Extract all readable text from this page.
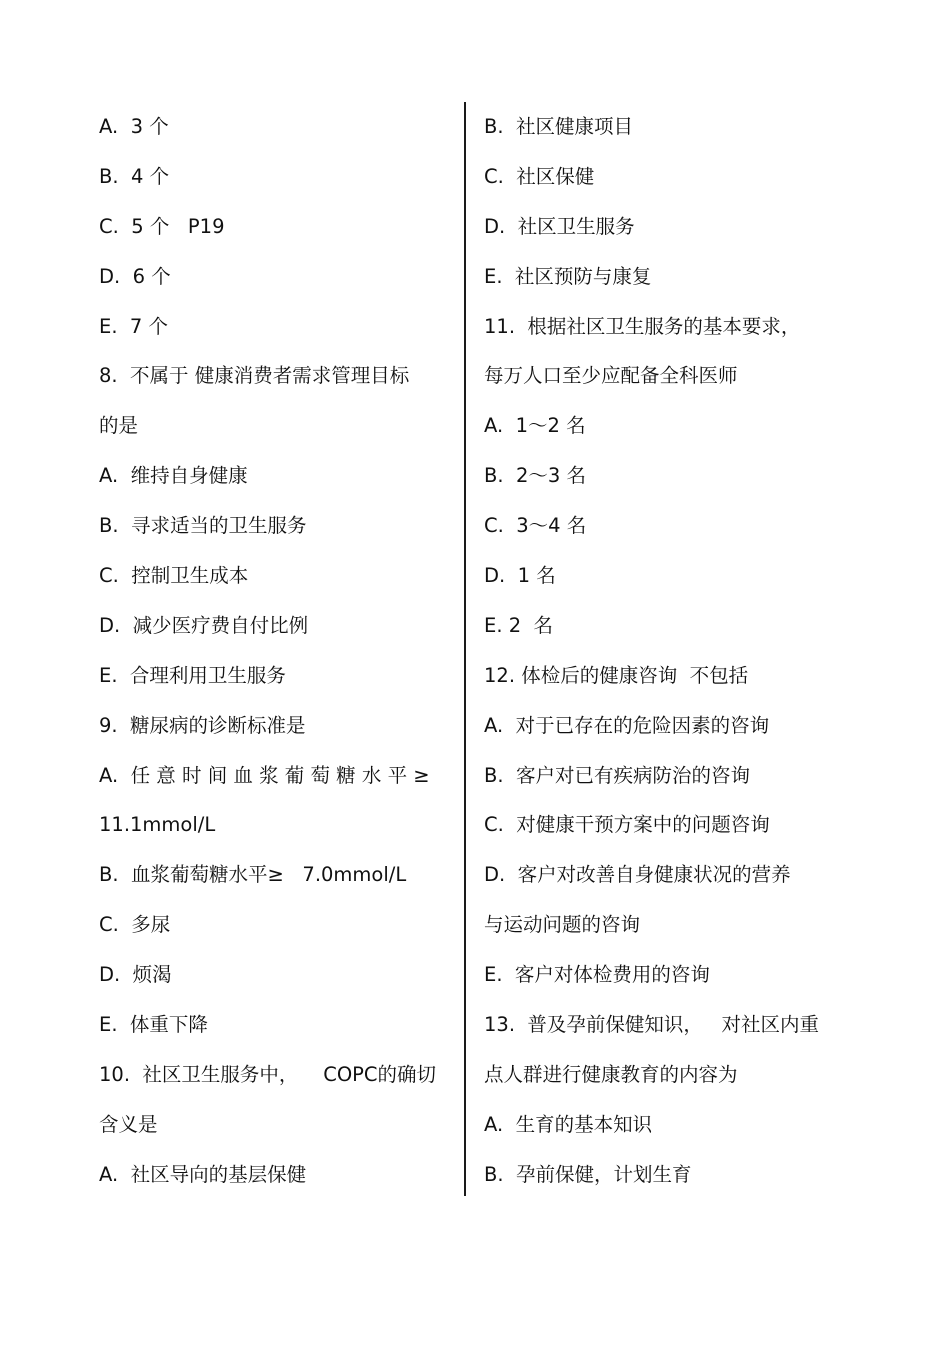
A.  3 个
B.  4 个
C.  5 个   P19
D.  6 个
E.  7 个
8.  不属于 健康消费者需求管理目标
的是
A.  维持自身健康
B.  寻求适当的卫生服务
C.  控制卫生成本
D.  减少医疗费自付比例
E.  合理利用卫生服务
9.  糖尿病的诊断标准是
A.  任 意 时 间 血 浆 葡 萄 糖 水 平 ≥
11.1mmol/L
B.  血浆葡萄糖水平≥   7.0mmol/L
C.  多尿
D.  烦渴
E.  体重下降
10.  社区卫生服务中，    COPC的确切
含义是
A.  社区导向的基层保健
B.  社区健康项目
C.  社区保健
D.  社区卫生服务
E.  社区预防与康复
11.  根据社区卫生服务的基本要求，
每万人口至少应配备全科医师
A.  1～2 名
B.  2～3 名
C.  3～4 名
D.  1 名
E. 2  名
12. 体检后的健康咨询  不包括
A.  对于已存在的危险因素的咨询
B.  客户对已有疾病防治的咨询
C.  对健康干预方案中的问题咨询
D.  客户对改善自身健康状况的营养
与运动问题的咨询
E.  客户对体检费用的咨询
13.  普及孕前保健知识，   对社区内重
点人群进行健康教育的内容为
A.  生育的基本知识
B.  孕前保健，计划生育
